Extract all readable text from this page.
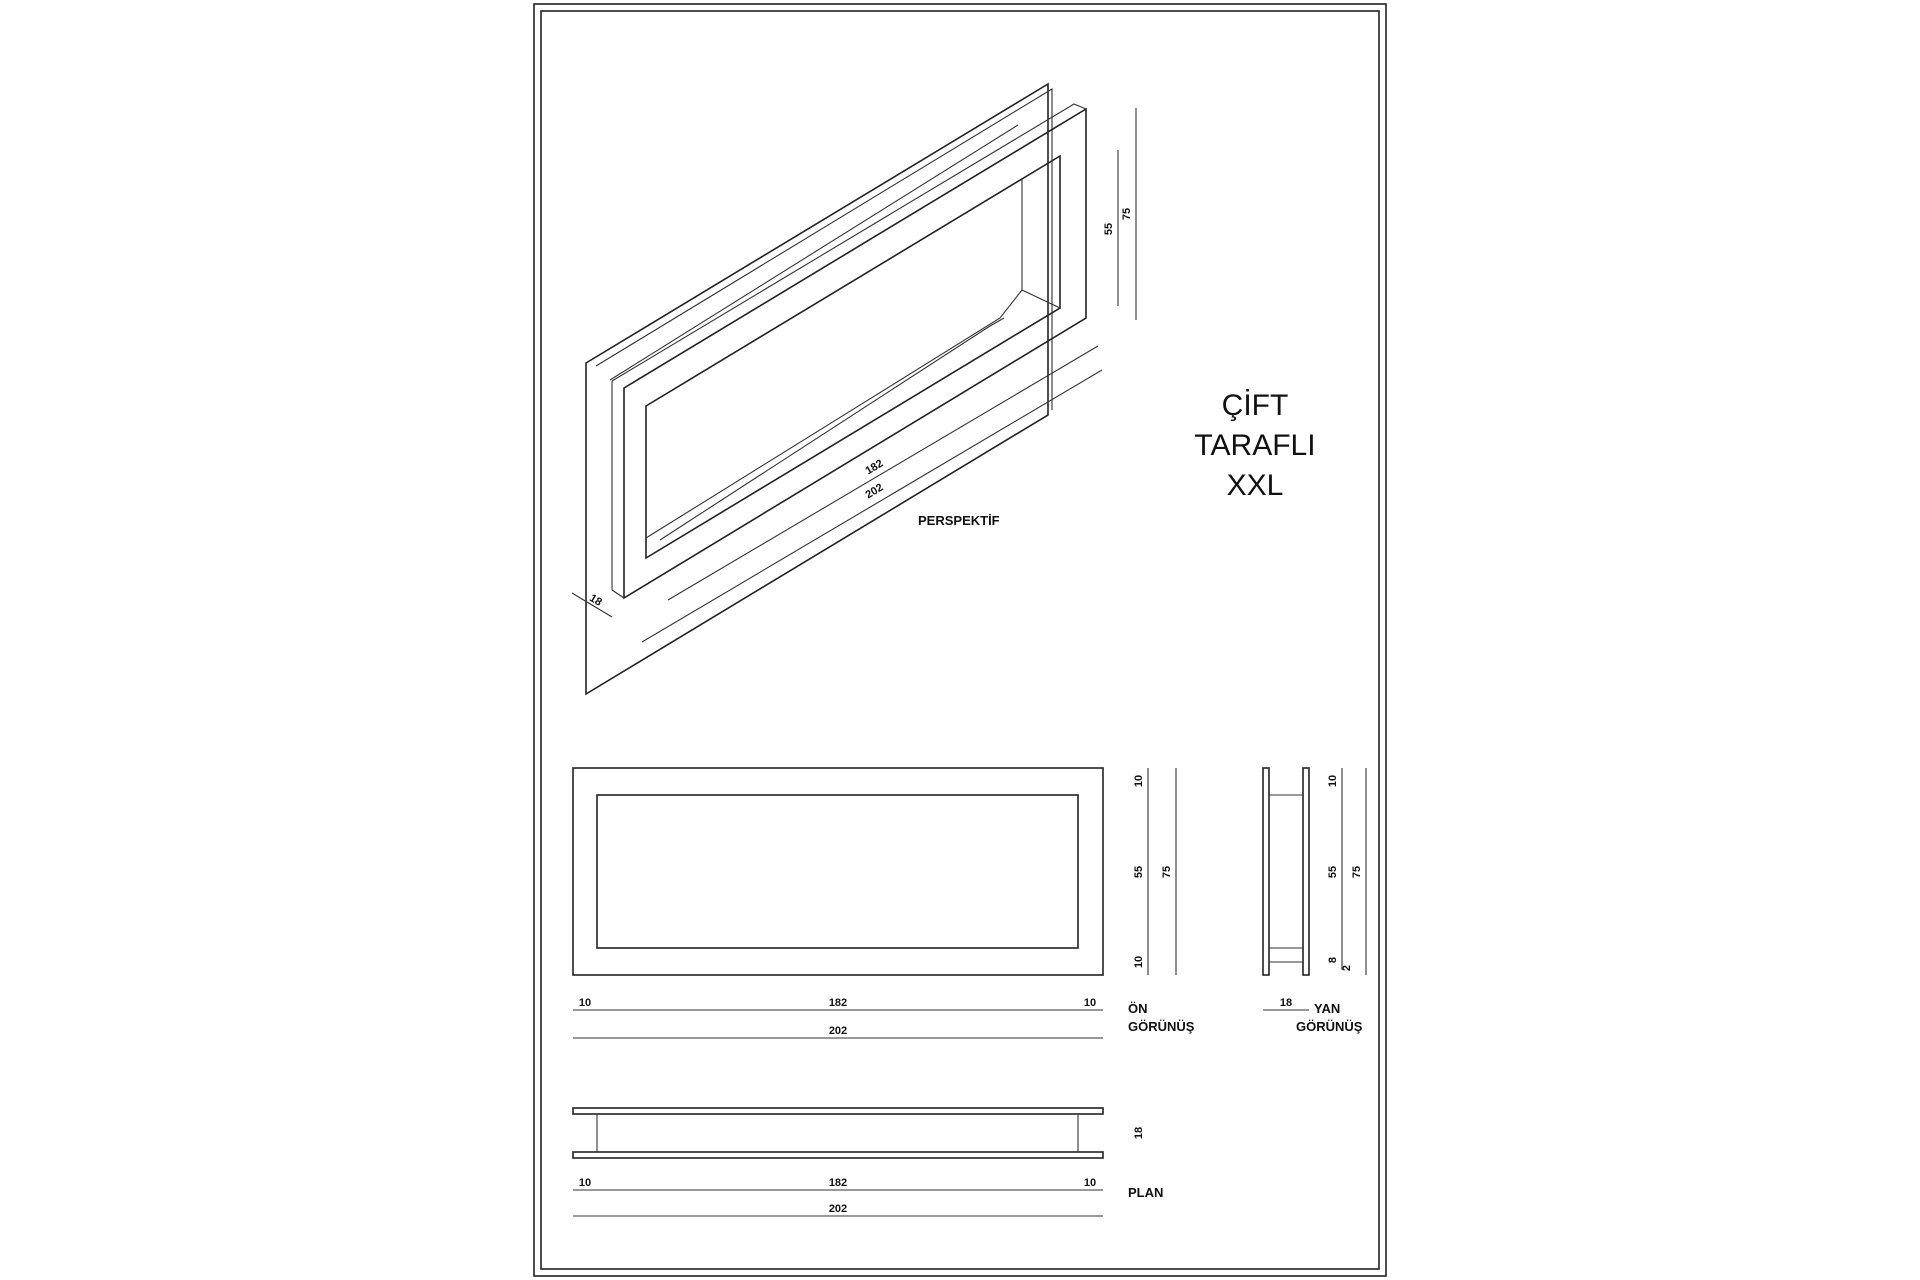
55
75
182
202
18
PERSPEKTİF
ÇİFT
TARAFLI
XXL
10
55
10
75
10	182	10
202
ÖN
GÖRÜNÜŞ
10
55
8
2
75
18 YAN
GÖRÜNÜŞ
18
10	182	10
202
PLAN
